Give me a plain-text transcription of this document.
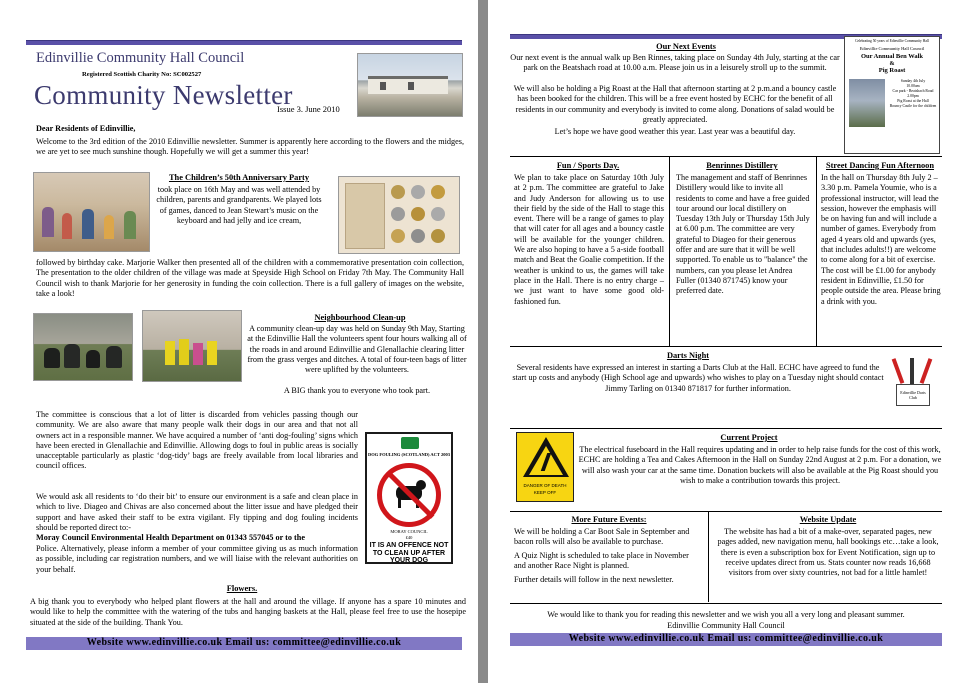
Edinvillie Community Hall Council
Registered Scottish Charity No: SC002527
Community Newsletter
Issue 3. June 2010
Dear Residents of Edinvillie,
Welcome to the 3rd edition of the 2010 Edinvillie newsletter. Summer is apparently here according to the flowers and the midges, we are yet to see much sunshine though. Hopefully we will get a summer this year!
The Children’s 50th Anniversary Party
took place on 16th May and was well attended by children, parents and grandparents. We played lots of games, danced to Jean Stewart’s music on the keyboard and had jelly and ice cream,
followed by birthday cake. Marjorie Walker then presented all of the children with a commemorative presentation coin collection, The presentation to the older children of the village was made at Speyside High School on Friday 7th May. The Community Hall Council wish to thank Marjorie for her generosity in funding the coin collection. There is a full gallery of images on the website, take a look!
Neighbourhood Clean-up
A community clean-up day was held on Sunday 9th May, Starting at the Edinvillie Hall the volunteers spent four hours walking all of the roads in and around Edinvillie and Glenallachie clearing litter from the grass verges and ditches. A total of four-teen bags of litter were uplifted by the volunteers.
A BIG thank you to everyone who took part.
The committee is conscious that a lot of litter is discarded from vehicles passing though our community. We are also aware that many people walk their dogs in our area and that not all owners act in a responsible manner. We have acquired a number of ‘anti dog-fouling’ signs which have been erected in Glenallachie and Edinvillie. Allowing dogs to foul in public areas is socially unacceptable particularly as plastic ‘dog-tidy’ bags are freely available from local libraries and council offices.
We would ask all residents to ‘do their bit’ to ensure our environment is a safe and clean place in which to live. Diageo and Chivas are also concerned about the litter issue and have pledged their support and have asked their staff to be extra vigilant. Fly tipping and dog fouling incidents should be reported direct to:-
Moray Council Environmental Health Department on 01343 557045 or to the
Police. Alternatively, please inform a member of your committee giving us as much information as possible, including car registration numbers, and we will liaise with the relevant authorities on your behalf.
DOG FOULING (SCOTLAND) ACT 2003
MORAY COUNCIL
£40
IT IS AN OFFENCE NOT TO CLEAN UP AFTER YOUR DOG
Flowers.
A big thank you to everybody who helped plant flowers at the hall and around the village. If anyone has a spare 10 minutes and would like to help the committee with the watering of the tubs and hanging baskets at the Hall, please feel free to use the hosepipe situated at the side of the building. Thank You.
Website www.edinvillie.co.uk Email us: committee@edinvillie.co.uk
Our Next Events
Our next event is the annual walk up Ben Rinnes, taking place on Sunday 4th July, starting at the car park on the Beatshach road at 10.00 a.m. Please join us in a leisurely stroll up to the summit.
We will also be holding a Pig Roast at the Hall that afternoon starting at 2 p.m.and a bouncy castle has been booked for the children. This will be a free event hosted by ECHC for the benefit of all residents in our community and everybody is invited to come along. Donations of salad would be greatly appreciated.
Let’s hope we have good weather this year. Last year was a beautiful day.
Celebrating 50 years of Edinvillie Community Hall
Edinvillie Community Hall Council
Our Annual Ben Walk
&
Pig Roast
Sunday 4th July
10.00am
Car park - Beatshach Road
2.00pm
Pig Roast at the Hall
Bouncy Castle for the children
Fun / Sports Day.
We plan to take place on Saturday 10th July at 2 p.m. The committee are grateful to Jake and Judy Anderson for allowing us to use their field by the side of the Hall to stage this event. There will be a range of games to play that will cater for all ages and a bouncy castle will be available for the younger children. We are also hoping to have a 5 a-side football match and Beat the Goalie competition. If the weather is unkind to us, the games will take place in the Hall. There is no entry charge – we just want to have some good old-fashioned fun.
Benrinnes Distillery
The management and staff of Benrinnes Distillery would like to invite all residents to come and have a free guided tour around our local distillery on Tuesday 13th July or Thursday 15th July at 6.00 p.m. The committee are very grateful to Diageo for their generous offer and are sure that it will be well supported. To enable us to "balance" the numbers, can you please let Andrea Fuller (01340 871745) know your preferred date.
Street Dancing Fun Afternoon
In the hall on Thursday 8th July 2 – 3.30 p.m. Pamela Youmie, who is a professional instructor, will lead the session, however the emphasis will be on having fun and will include a number of games. Everybody from aged 4 years old and upwards (yes, that includes adults!!) are welcome to come along for a bit of exercise. The cost will be £1.00 for anybody resident in Edinvillie, £1.50 for people outside the area. Please bring a drink with you.
Darts Night
Several residents have expressed an interest in starting a Darts Club at the Hall. ECHC have agreed to fund the start up costs and anybody (High School age and upwards) who wishes to play on a Tuesday night should contact Jimmy Tarling on 01340 871817 for further information.	Edinvillie Darts Club
DANGER OF DEATH
KEEP OFF
Current Project
The electrical fuseboard in the Hall requires updating and in order to help raise funds for the cost of this work, ECHC are holding a Tea and Cakes Afternoon in the Hall on Sunday 22nd August at 2 p.m. For a donation, we will also wash your car at the same time. Donation buckets will also be available at the Pig Roast should you wish to make a contribution towards this project.
More Future Events:
We will be holding a Car Boot Sale in September and bacon rolls will also be available to purchase.
A Quiz Night is scheduled to take place in November and another Race Night is planned.
Further details will follow in the next newsletter.
Website Update
The website has had a bit of a make-over, separated pages, new pages added, new navigation menu, hall bookings etc…take a look, there is even a subscription box for Event Notification, sign up to receive updates direct from us. Stats counter now reads 16,668 visitors from over sixty countries, not bad for a little hamlet!
We would like to thank you for reading this newsletter and we wish you all a very long and pleasant summer.
Edinvillie Community Hall Council
Website www.edinvillie.co.uk Email us: committee@edinvillie.co.uk
